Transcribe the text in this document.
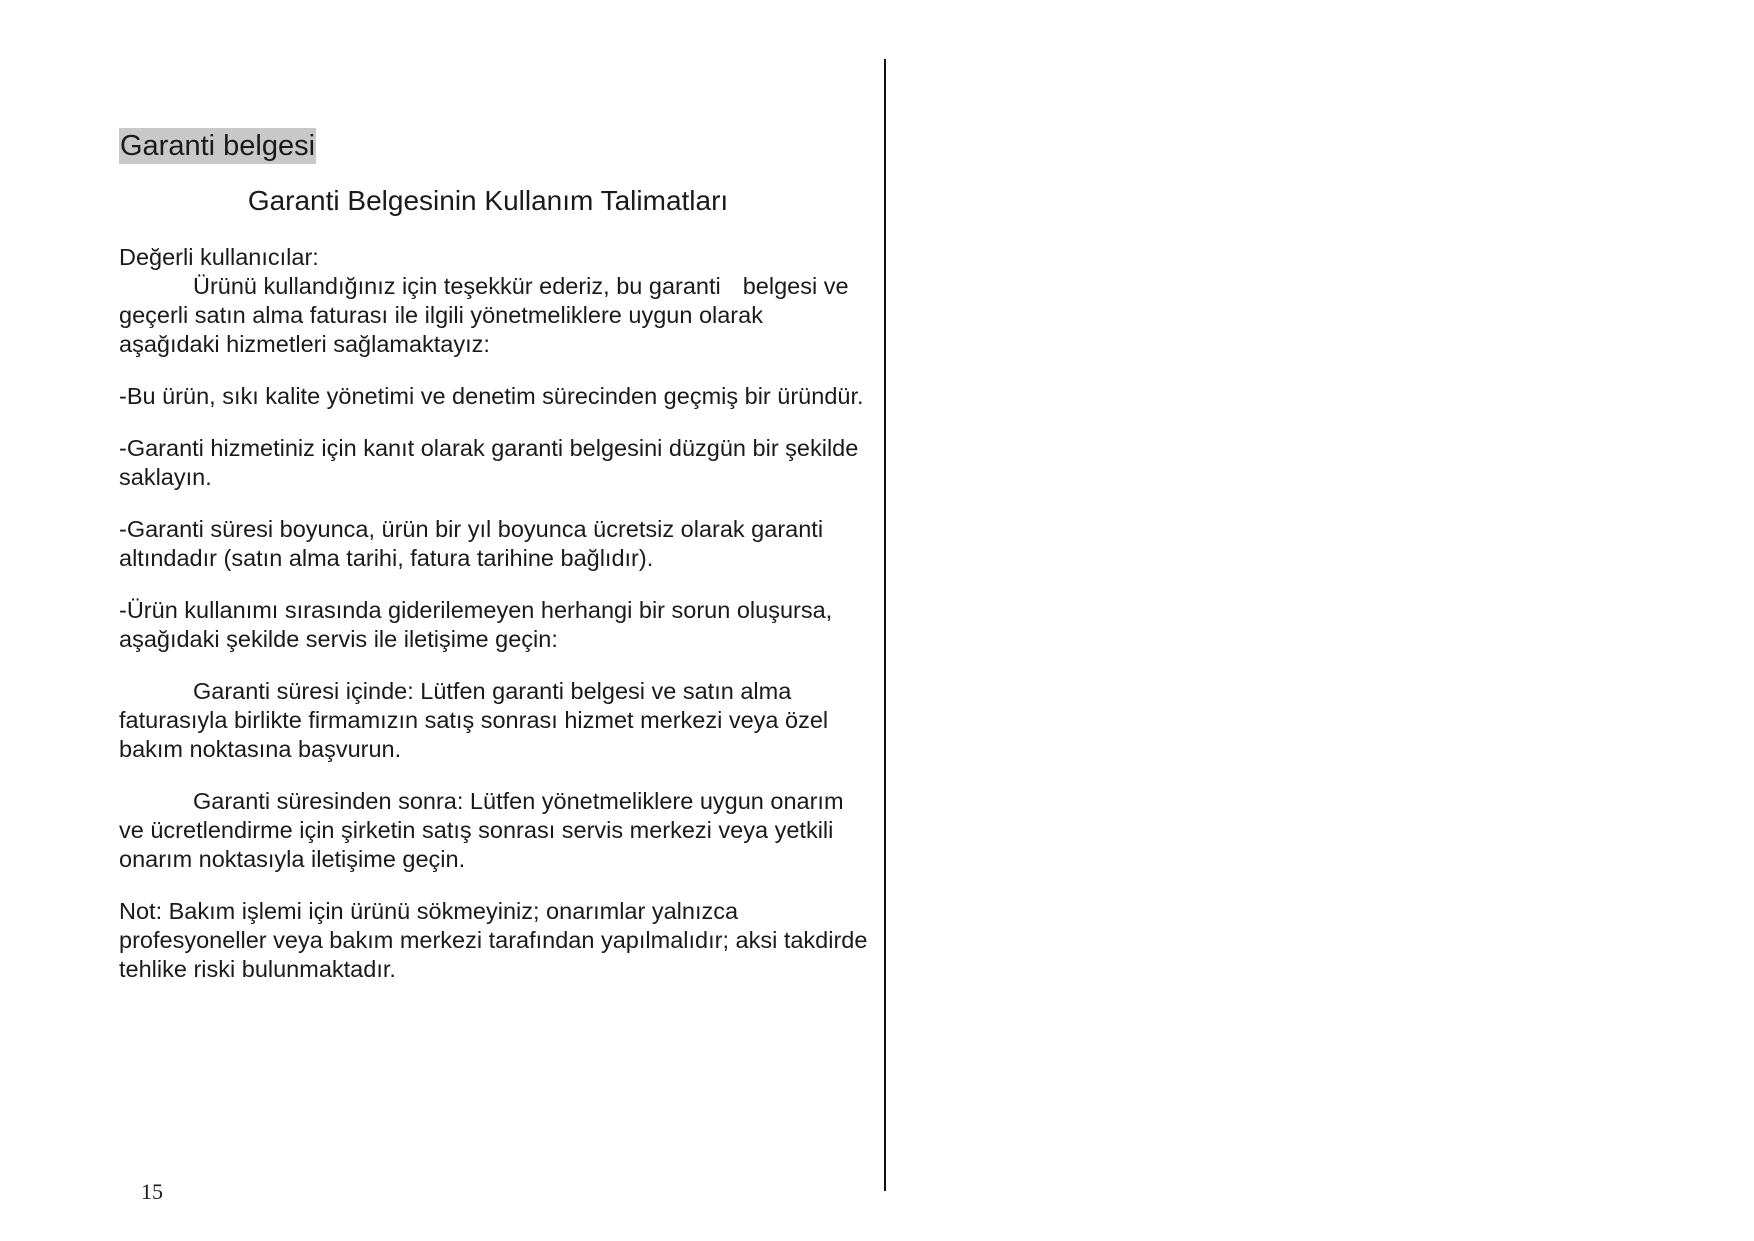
Garanti belgesi
Garanti Belgesinin Kullanım Talimatları

Değerli kullanıcılar:

Ürünü kullandığınız için teşekkür ederiz, bu garanti belgesi ve geçerli satın alma faturası ile ilgili yönetmeliklere uygun olarak aşağıdaki hizmetleri sağlamaktayız:

-Bu ürün, sıkı kalite yönetimi ve denetim sürecinden geçmiş bir üründür.

-Garanti hizmetiniz için kanıt olarak garanti belgesini düzgün bir şekilde saklayın.

-Garanti süresi boyunca, ürün bir yıl boyunca ücretsiz olarak garanti altındadır (satın alma tarihi, fatura tarihine bağlıdır).

-Ürün kullanımı sırasında giderilemeyen herhangi bir sorun oluşursa, aşağıdaki şekilde servis ile iletişime geçin:

Garanti süresi içinde: Lütfen garanti belgesi ve satın alma faturasıyla birlikte firmamızın satış sonrası hizmet merkezi veya özel bakım noktasına başvurun.

Garanti süresinden sonra: Lütfen yönetmeliklere uygun onarım ve ücretlendirme için şirketin satış sonrası servis merkezi veya yetkili onarım noktasıyla iletişime geçin.

Not: Bakım işlemi için ürünü sökmeyiniz; onarımlar yalnızca profesyoneller veya bakım merkezi tarafından yapılmalıdır; aksi takdirde tehlike riski bulunmaktadır.

15
